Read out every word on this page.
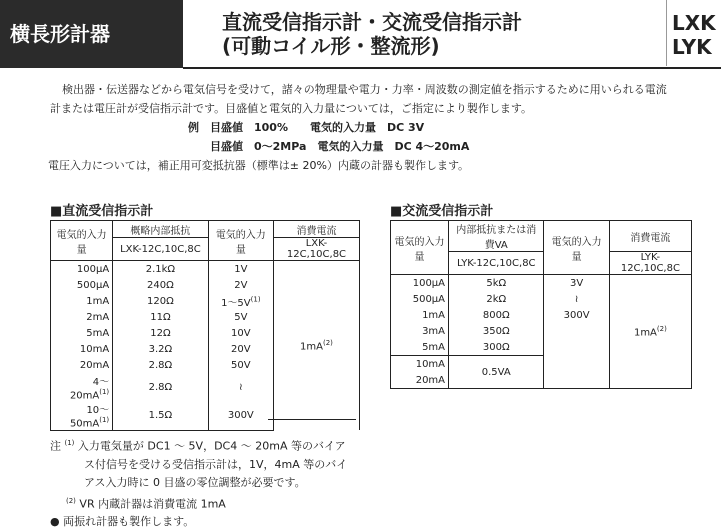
横長形計器	直流受信指示計・交流受信指示計
(可動コイル形・整流形)
LXK
LYK

検出器・伝送器などから電気信号を受けて，諸々の物理量や電力・力率・周波数の測定値を指示するために用いられる電流

計または電圧計が受信指示計です。目盛値と電気的入力量については，ご指定により製作します。

例　目盛値　100%　　電気的入力量　DC 3V

目盛値　0～2MPa　電気的入力量　DC 4～20mA

電圧入力については，補正用可変抵抗器（標準は± 20%）内蔵の計器も製作します。

■直流受信指示計
電気的入力量	概略内部抵抗	電気的入力量	消費電流
	LXK-12C,10C,8C		LXK-12C,10C,8C
100μA	2.1kΩ	1V	$1mA^{(2)}$
500μA	240Ω	2V	
1mA	120Ω	$1\sim 5V^{(1)}$
2mA	11Ω	5V	
5mA	12Ω	10V	
10mA	3.2Ω	20V	
20mA	2.8Ω	50V	
$4\sim 20mA^{(1)}$	2.8Ω	≀	
$10\sim 50mA^{(1)}$	1.5Ω	300V	
■交流受信指示計
電気的入力量	内部抵抗または消費VA	電気的入力量	消費電流
	LYK-12C,10C,8C		LYK-12C,10C,8C
100μA	5kΩ	3V	$1mA^{(2)}$
500μA	2kΩ	≀	
1mA	800Ω	300V	
3mA	350Ω		
5mA	300Ω		
10mA	0.5VA		
20mA			

注 $^{(1)}$ 入力電気量が DC1 ～ 5V，DC4 ～ 20mA 等のバイア

ス付信号を受ける受信指示計は，1V，4mA 等のバイ

アス入力時に 0 目盛の零位調整が必要です。

$^{(2)}$ VR 内蔵計器は消費電流 1mA

● 両振れ計器も製作します。
